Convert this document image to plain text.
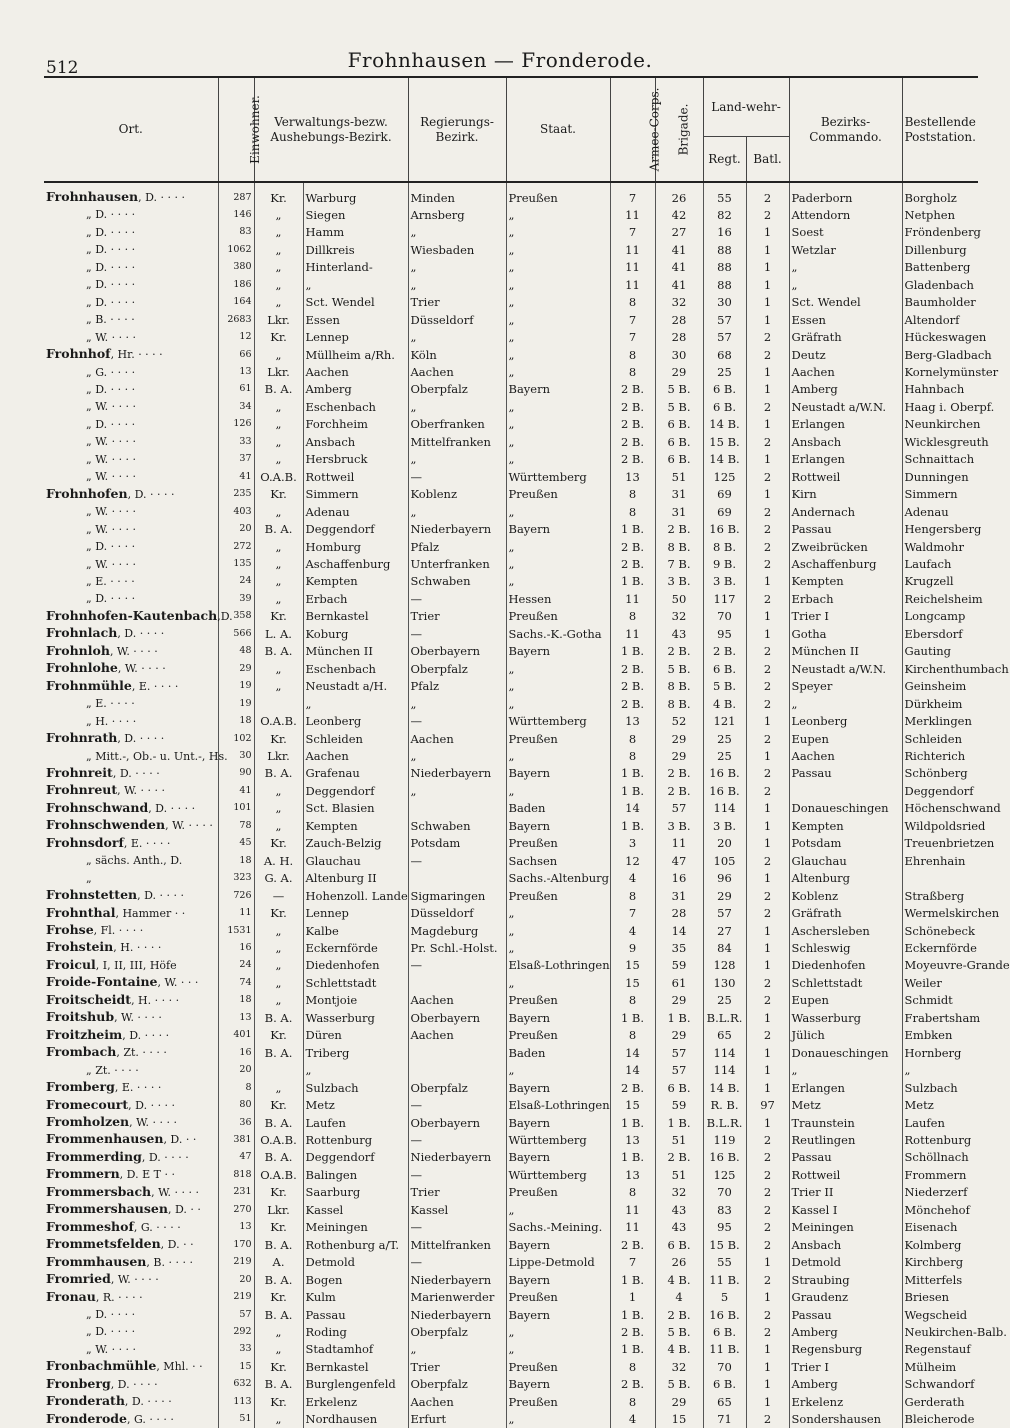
512	Frohnhausen — Fronderode.
Ort.	Einwohner.	Verwaltungs-bezw. Aushebungs-Bezirk.		Regierungs-Bezirk.	Staat.	Armee-Corps.	Brigade.	Land-wehr-
Regt. Batl.		Bezirks-Commando.	Bestellende Poststation.
Frohnhausen, D. · · · ·	287	Kr.	Warburg	Minden	Preußen	7	26	55	2	Paderborn	Borgholz
„ D. · · · ·	146	„	Siegen	Arnsberg	„	11	42	82	2	Attendorn	Netphen
„ D. · · · ·	83	„	Hamm	„	„	7	27	16	1	Soest	Fröndenberg
„ D. · · · ·	1062	„	Dillkreis	Wiesbaden	„	11	41	88	1	Wetzlar	Dillenburg
„ D. · · · ·	380	„	Hinterland-	„	„	11	41	88	1	„	Battenberg
„ D. · · · ·	186	„	„	„	„	11	41	88	1	„	Gladenbach
„ D. · · · ·	164	„	Sct. Wendel	Trier	„	8	32	30	1	Sct. Wendel	Baumholder
„ B. · · · ·	2683	Lkr.	Essen	Düsseldorf	„	7	28	57	1	Essen	Altendorf
„ W. · · · ·	12	Kr.	Lennep	„	„	7	28	57	2	Gräfrath	Hückeswagen
Frohnhof, Hr. · · · ·	66	„	Müllheim a/Rh.	Köln	„	8	30	68	2	Deutz	Berg-Gladbach
„ G. · · · ·	13	Lkr.	Aachen	Aachen	„	8	29	25	1	Aachen	Kornelymünster
„ D. · · · ·	61	B. A.	Amberg	Oberpfalz	Bayern	2 B.	5 B.	6 B.	1	Amberg	Hahnbach
„ W. · · · ·	34	„	Eschenbach	„	„	2 B.	5 B.	6 B.	2	Neustadt a/W.N.	Haag i. Oberpf.
„ D. · · · ·	126	„	Forchheim	Oberfranken	„	2 B.	6 B.	14 B.	1	Erlangen	Neunkirchen
„ W. · · · ·	33	„	Ansbach	Mittelfranken	„	2 B.	6 B.	15 B.	2	Ansbach	Wicklesgreuth
„ W. · · · ·	37	„	Hersbruck	„	„	2 B.	6 B.	14 B.	1	Erlangen	Schnaittach
„ W. · · · ·	41	O.A.B.	Rottweil	—	Württemberg	13	51	125	2	Rottweil	Dunningen
Frohnhofen, D. · · · ·	235	Kr.	Simmern	Koblenz	Preußen	8	31	69	1	Kirn	Simmern
„ W. · · · ·	403	„	Adenau	„	„	8	31	69	2	Andernach	Adenau
„ W. · · · ·	20	B. A.	Deggendorf	Niederbayern	Bayern	1 B.	2 B.	16 B.	2	Passau	Hengersberg
„ D. · · · ·	272	„	Homburg	Pfalz	„	2 B.	8 B.	8 B.	2	Zweibrücken	Waldmohr
„ W. · · · ·	135	„	Aschaffenburg	Unterfranken	„	2 B.	7 B.	9 B.	2	Aschaffenburg	Laufach
„ E. · · · ·	24	„	Kempten	Schwaben	„	1 B.	3 B.	3 B.	1	Kempten	Krugzell
„ D. · · · ·	39	„	Erbach	—	Hessen	11	50	117	2	Erbach	Reichelsheim
Frohnhofen-Kautenbach,D.	358	Kr.	Bernkastel	Trier	Preußen	8	32	70	1	Trier I	Longcamp
Frohnlach, D. · · · ·	566	L. A.	Koburg	—	Sachs.-K.-Gotha	11	43	95	1	Gotha	Ebersdorf
Frohnloh, W. · · · ·	48	B. A.	München II	Oberbayern	Bayern	1 B.	2 B.	2 B.	2	München II	Gauting
Frohnlohe, W. · · · ·	29	„	Eschenbach	Oberpfalz	„	2 B.	5 B.	6 B.	2	Neustadt a/W.N.	Kirchenthumbach
Frohnmühle, E. · · · ·	19	„	Neustadt a/H.	Pfalz	„	2 B.	8 B.	5 B.	2	Speyer	Geinsheim
„ E. · · · ·	19		„	„	„	2 B.	8 B.	4 B.	2	„	Dürkheim
„ H. · · · ·	18	O.A.B.	Leonberg	—	Württemberg	13	52	121	1	Leonberg	Merklingen
Frohnrath, D. · · · ·	102	Kr.	Schleiden	Aachen	Preußen	8	29	25	2	Eupen	Schleiden
„ Mitt.-, Ob.- u. Unt.-, Hs.	30	Lkr.	Aachen	„	„	8	29	25	1	Aachen	Richterich
Frohnreit, D. · · · ·	90	B. A.	Grafenau	Niederbayern	Bayern	1 B.	2 B.	16 B.	2	Passau	Schönberg
Frohnreut, W. · · · ·	41	„	Deggendorf	„	„	1 B.	2 B.	16 B.	2		Deggendorf
Frohnschwand, D. · · · ·	101	„	Sct. Blasien		Baden	14	57	114	1	Donaueschingen	Höchenschwand
Frohnschwenden, W. · · · ·	78	„	Kempten	Schwaben	Bayern	1 B.	3 B.	3 B.	1	Kempten	Wildpoldsried
Frohnsdorf, E. · · · ·	45	Kr.	Zauch-Belzig	Potsdam	Preußen	3	11	20	1	Potsdam	Treuenbrietzen
„ sächs. Anth., D.	18	A. H.	Glauchau	—	Sachsen	12	47	105	2	Glauchau	Ehrenhain
„	323	G. A.	Altenburg II		Sachs.-Altenburg	4	16	96	1	Altenburg	
Frohnstetten, D. · · · ·	726	—	Hohenzoll. Lande	Sigmaringen	Preußen	8	31	29	2	Koblenz	Straßberg
Frohnthal, Hammer · ·	11	Kr.	Lennep	Düsseldorf	„	7	28	57	2	Gräfrath	Wermelskirchen
Frohse, Fl. · · · ·	1531	„	Kalbe	Magdeburg	„	4	14	27	1	Aschersleben	Schönebeck
Frohstein, H. · · · ·	16	„	Eckernförde	Pr. Schl.-Holst.	„	9	35	84	1	Schleswig	Eckernförde
Froicul, I, II, III, Höfe	24	„	Diedenhofen	—	Elsaß-Lothringen	15	59	128	1	Diedenhofen	Moyeuvre-Grande
Froide-Fontaine, W. · · ·	74	„	Schlettstadt		„	15	61	130	2	Schlettstadt	Weiler
Froitscheidt, H. · · · ·	18	„	Montjoie	Aachen	Preußen	8	29	25	2	Eupen	Schmidt
Froitshub, W. · · · ·	13	B. A.	Wasserburg	Oberbayern	Bayern	1 B.	1 B.	B.L.R.	1	Wasserburg	Frabertsham
Froitzheim, D. · · · ·	401	Kr.	Düren	Aachen	Preußen	8	29	65	2	Jülich	Embken
Frombach, Zt. · · · ·	16	B. A.	Triberg		Baden	14	57	114	1	Donaueschingen	Hornberg
„ Zt. · · · ·	20		„		„	14	57	114	1	„	„
Fromberg, E. · · · ·	8	„	Sulzbach	Oberpfalz	Bayern	2 B.	6 B.	14 B.	1	Erlangen	Sulzbach
Fromecourt, D. · · · ·	80	Kr.	Metz	—	Elsaß-Lothringen	15	59	R. B.	97	Metz	Metz
Fromholzen, W. · · · ·	36	B. A.	Laufen	Oberbayern	Bayern	1 B.	1 B.	B.L.R.	1	Traunstein	Laufen
Frommenhausen, D. · ·	381	O.A.B.	Rottenburg	—	Württemberg	13	51	119	2	Reutlingen	Rottenburg
Frommerding, D. · · · ·	47	B. A.	Deggendorf	Niederbayern	Bayern	1 B.	2 B.	16 B.	2	Passau	Schöllnach
Frommern, D. E T · ·	818	O.A.B.	Balingen	—	Württemberg	13	51	125	2	Rottweil	Frommern
Frommersbach, W. · · · ·	231	Kr.	Saarburg	Trier	Preußen	8	32	70	2	Trier II	Niederzerf
Frommershausen, D. · ·	270	Lkr.	Kassel	Kassel	„	11	43	83	2	Kassel I	Mönchehof
Frommeshof, G. · · · ·	13	Kr.	Meiningen	—	Sachs.-Meining.	11	43	95	2	Meiningen	Eisenach
Frommetsfelden, D. · ·	170	B. A.	Rothenburg a/T.	Mittelfranken	Bayern	2 B.	6 B.	15 B.	2	Ansbach	Kolmberg
Frommhausen, B. · · · ·	219	A.	Detmold	—	Lippe-Detmold	7	26	55	1	Detmold	Kirchberg
Fromried, W. · · · ·	20	B. A.	Bogen	Niederbayern	Bayern	1 B.	4 B.	11 B.	2	Straubing	Mitterfels
Fronau, R. · · · ·	219	Kr.	Kulm	Marienwerder	Preußen	1	4	5	1	Graudenz	Briesen
„ D. · · · ·	57	B. A.	Passau	Niederbayern	Bayern	1 B.	2 B.	16 B.	2	Passau	Wegscheid
„ D. · · · ·	292	„	Roding	Oberpfalz	„	2 B.	5 B.	6 B.	2	Amberg	Neukirchen-Balb.
„ W. · · · ·	33	„	Stadtamhof	„	„	1 B.	4 B.	11 B.	1	Regensburg	Regenstauf
Fronbachmühle, Mhl. · ·	15	Kr.	Bernkastel	Trier	Preußen	8	32	70	1	Trier I	Mülheim
Fronberg, D. · · · ·	632	B. A.	Burglengenfeld	Oberpfalz	Bayern	2 B.	5 B.	6 B.	1	Amberg	Schwandorf
Fronderath, D. · · · ·	113	Kr.	Erkelenz	Aachen	Preußen	8	29	65	1	Erkelenz	Gerderath
Fronderode, G. · · · ·	51	„	Nordhausen	Erfurt	„	4	15	71	2	Sondershausen	Bleicherode
